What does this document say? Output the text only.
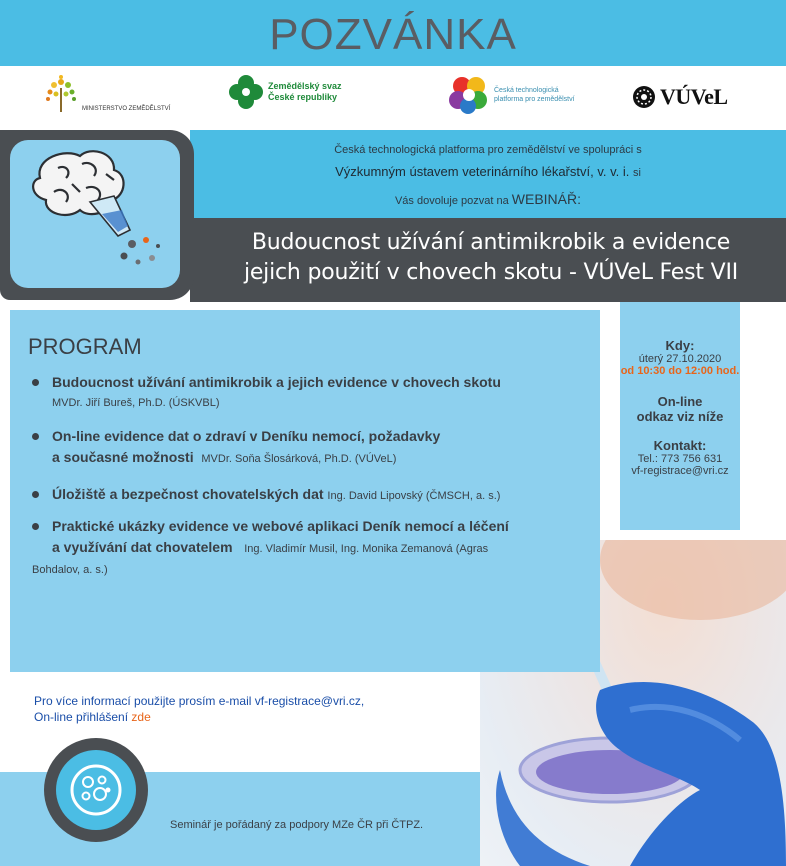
POZVÁNKA
MINISTERSTVO ZEMĚDĚLSTVÍ
Zemědělský svaz
České republiky
Česká technologická
platforma pro zemědělství	VÚVeL
Česká technologická platforma pro zemědělství ve spolupráci s
Výzkumným ústavem veterinárního lékařství, v. v. i. si
Vás dovoluje pozvat na WEBINÁŘ:
Budoucnost užívání antimikrobik a evidence
jejich použití v chovech skotu - VÚVeL Fest VII
PROGRAM
Budoucnost užívání antimikrobik a jejich evidence v chovech skotu
MVDr. Jiří Bureš, Ph.D. (ÚSKVBL)
On-line evidence dat o zdraví v Deníku nemocí, požadavky
a současné možnosti MVDr. Soňa Šlosárková, Ph.D. (VÚVeL)
Úložiště a bezpečnost chovatelských dat Ing. David Lipovský (ČMSCH, a. s.)
Praktické ukázky evidence ve webové aplikaci Deník nemocí a léčení
a využívání dat chovatelem Ing. Vladimír Musil, Ing. Monika Zemanová (Agras
Bohdalov, a. s.)
Kdy:
úterý 27.10.2020
od 10:30 do 12:00 hod.
On-line
odkaz viz níže
Kontakt:
Tel.: 773 756 631
vf-registrace@vri.cz
Pro více informací použijte prosím e-mail vf-registrace@vri.cz,
On-line přihlášení zde
Seminář je pořádaný za podpory MZe ČR při ČTPZ.
